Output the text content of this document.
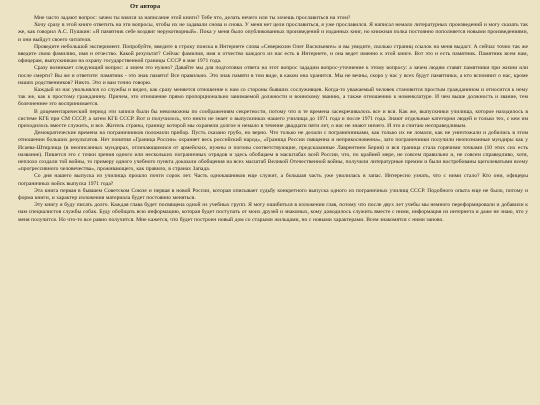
От автора

Мне часто задают вопрос: зачем ты взялся за написание этой книги? Тебе что, делать нечего или ты хочешь прославиться на этом?

Хочу сразу в этой книге ответить на эти вопросы, чтобы их не задавали снова и снова. У меня нет цели прославиться, я уже прославился. Я написал немало литературных произведений и могу сказать так же, как говорил А.С. Пушкин: «Я памятник себе воздвиг нерукотворный». Пока у меня было опубликованных произведений и изданных книг, но книжная полка постоянно пополняется новыми произведениями, и они выйдут своего читателя.

Проведите небольшой эксперимент. Попробуйте, введите в строку поиска в Интернете слова «Северюхин Олег Васильевич» и вы увидите, сколько страниц ссылок на меня выдаст. А сейчас точно так же введите свою фамилию, имя и отчество. Какой результат? Сейчас фамилия, имя и отчество каждого из нас есть в Интернете, и она ведет именно к этой книге. Вот это и есть памятник. Памятник всем нам, офицерам, выпускникам на охрану государственной границы СССР в мае 1971 года.

Сразу возникает следующий вопрос: а зачем это нужно? Давайте мы для подготовки ответа на этот вопрос зададим вопрос-уточнение к этому вопросу: а зачем людям ставят памятники при жизни или после смерти? Вы же и ответите: памятник - это знак памяти! Все правильно. Это знак памяти в том виде, в каком она хранится. Мы не вечны, скоро у нас у всех будут памятники, а кто вспомнит о нас, кроме наших родственников? Никто. Это и вам точно говорю.

Каждый из нас увольнялся со службы и видел, как сразу меняется отношение к нам со стороны бывших сослуживцев. Когда-то уважаемый человек становится простым гражданином и относится к нему так же, как к простому гражданину. Причем, это отношение прямо пропорционально занимаемой должности и воинскому званию, а также отношению к номенклатуре. И чем выше должность и звание, тем болезненнее это воспринимается.

В доцементарический период эти записи были бы невозможны по соображениям секретности, потому что в те времена засекречивалось все и вся. Как же, выпускники училища, которое находилось в системе КГБ при СМ СССР, а затем КГБ СССР. Вот и получилось, что никто не знает о выпускниках нашего училища до 1971 года и после 1971 года. Знают отдельные категории людей и только тех, с кем им приходилось вместе служить, и все. Житель страны, границу которой мы охраняли долгое и немало в течение двадцати пяти лет, о нас не знают ничего. И это я считаю несправедливым.

Демократические времена на пограничников положили прибор. Пусть сказано грубо, но верно. Что только не делали с пограничниками, как только их не ломали, как не уничтожали и добились в этом отношении больших результатов. Нет понятия «Граница России» охраняет весь российский народ», «Граница России священна и неприкосновенна», зато пограничники получили неопознанные мундиры как у Исаева-Штирлица (в неописанных мундирах, отличающимися от армейских, нужны и погоны соответствующие, предсказанные Лаврентием Берия) и вся граница стала горячими точками (10 этих сих есть название). Пишется это с точки зрения одного или нескольких пограничных отрядов и здесь обобщаем в масштабах всей России, что, по крайней мере, не совсем правильно и, не совсем справедливо, хотя, неплохо создали той войны, то примеру одного учебного пункта доказали обобщения на всех масштаб Великой Отечественной войны, получили литературные премии и были востребованы щеголеватыми всему «прогрессивного человечества», проживающего, как правило, в странах Запада.

Со дня нашего выпуска из училища прошло почти сорок лет. Часть однокашников еще служит, а большая часть уже уволилась в запас. Интересно узнать, что с ними стало? Кто они, офицеры пограничных войск выпуска 1971 года?

Эта книга первая в бывшем Советском Союзе и первая в новой России, которая описывает судьбу конкретного выпуска одного из пограничных училищ СССР. Подобного опыта еще не было, потому и форма книги, и характер изложения материала будет постоянно меняться.

Эту книгу я буду писать долго. Каждая глава будет посвящена одной из учебных групп. Я могу ошибиться в изложении глав, потому что после двух лет учебы мы немного переформировали и добавили к нам специалистов службы собак. Буду обобщать всю информацию, которая будет поступать от моих друзей и знакомых, кому доводилось служить вместе с ними, информация из интернета и даже не знаю, что у меня получится. Но что-то все равно получится. Мне кажется, что будет построен новый дом со старыми жильцами, но с новыми характерами. Всем знакомятся с ними заново.
